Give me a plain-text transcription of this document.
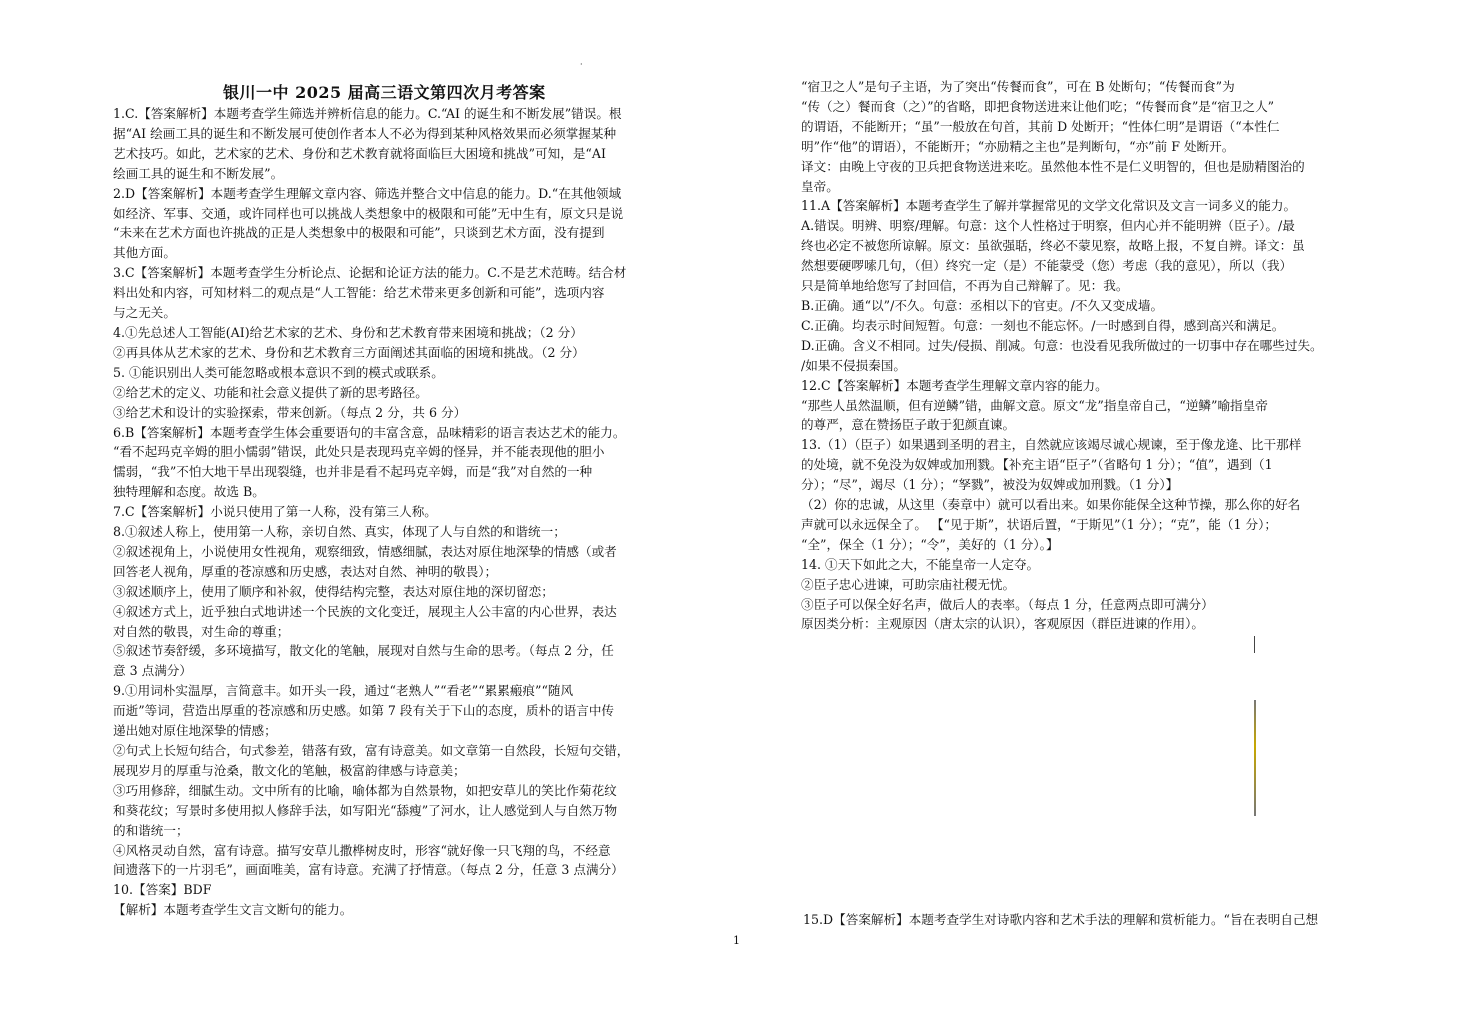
·
银川一中 2025 届高三语文第四次月考答案

1.C.【答案解析】本题考查学生筛选并辨析信息的能力。C.“AI 的诞生和不断发展”错误。根

据“AI 绘画工具的诞生和不断发展可使创作者本人不必为得到某种风格效果而必须掌握某种

艺术技巧。如此，艺术家的艺术、身份和艺术教育就将面临巨大困境和挑战”可知，是“AI

绘画工具的诞生和不断发展”。

2.D【答案解析】本题考查学生理解文章内容、筛选并整合文中信息的能力。D.“在其他领域

如经济、军事、交通，或许同样也可以挑战人类想象中的极限和可能”无中生有，原文只是说

“未来在艺术方面也许挑战的正是人类想象中的极限和可能”，只谈到艺术方面，没有提到

其他方面。

3.C【答案解析】本题考查学生分析论点、论据和论证方法的能力。C.不是艺术范畴。结合材

料出处和内容，可知材料二的观点是“人工智能：给艺术带来更多创新和可能”，选项内容

与之无关。

4.①先总述人工智能(AI)给艺术家的艺术、身份和艺术教育带来困境和挑战；（2 分）

②再具体从艺术家的艺术、身份和艺术教育三方面阐述其面临的困境和挑战。（2 分）

5. ①能识别出人类可能忽略或根本意识不到的模式或联系。

②给艺术的定义、功能和社会意义提供了新的思考路径。

③给艺术和设计的实验探索，带来创新。（每点 2 分，共 6 分）

6.B【答案解析】本题考查学生体会重要语句的丰富含意，品味精彩的语言表达艺术的能力。

“看不起玛克辛姆的胆小懦弱”错误，此处只是表现玛克辛姆的怪异，并不能表现他的胆小

懦弱，“我”不怕大地干旱出现裂缝，也并非是看不起玛克辛姆，而是“我”对自然的一种

独特理解和态度。故选 B。

7.C【答案解析】小说只使用了第一人称，没有第三人称。

8.①叙述人称上，使用第一人称，亲切自然、真实，体现了人与自然的和谐统一；

②叙述视角上，小说使用女性视角，观察细致，情感细腻，表达对原住地深挚的情感（或者

回答老人视角，厚重的苍凉感和历史感，表达对自然、神明的敬畏）；

③叙述顺序上，使用了顺序和补叙，使得结构完整，表达对原住地的深切留恋；

④叙述方式上，近乎独白式地讲述一个民族的文化变迁，展现主人公丰富的内心世界，表达

对自然的敬畏，对生命的尊重；

⑤叙述节奏舒缓，多环境描写，散文化的笔触，展现对自然与生命的思考。（每点 2 分，任

意 3 点满分）

9.①用词朴实温厚，言简意丰。如开头一段，通过“老熟人”“看老”“累累瘢痕”“随风

而逝”等词，营造出厚重的苍凉感和历史感。如第 7 段有关于下山的态度，质朴的语言中传

递出她对原住地深挚的情感；

②句式上长短句结合，句式参差，错落有致，富有诗意美。如文章第一自然段，长短句交错，

展现岁月的厚重与沧桑，散文化的笔触，极富韵律感与诗意美；

③巧用修辞，细腻生动。文中所有的比喻，喻体都为自然景物，如把安草儿的笑比作菊花纹

和葵花纹；写景时多使用拟人修辞手法，如写阳光“舔瘦”了河水，让人感觉到人与自然万物

的和谐统一；

④风格灵动自然，富有诗意。描写安草儿撒桦树皮时，形容“就好像一只飞翔的鸟，不经意

间遗落下的一片羽毛”，画面唯美，富有诗意。充满了抒情意。（每点 2 分，任意 3 点满分）

10.【答案】BDF

【解析】本题考查学生文言文断句的能力。

“宿卫之人”是句子主语，为了突出“传餐而食”，可在 B 处断句；“传餐而食”为

“传（之）餐而食（之）”的省略，即把食物送进来让他们吃；“传餐而食”是“宿卫之人”

的谓语，不能断开；“虽”一般放在句首，其前 D 处断开；“性体仁明”是谓语（“本性仁

明”作“他”的谓语），不能断开；“亦励精之主也”是判断句，“亦”前 F 处断开。

译文：由晚上守夜的卫兵把食物送进来吃。虽然他本性不是仁义明智的，但也是励精图治的

皇帝。

11.A【答案解析】本题考查学生了解并掌握常见的文学文化常识及文言一词多义的能力。

A.错误。明辨、明察/理解。句意：这个人性格过于明察，但内心并不能明辨（臣子）。/最

终也必定不被您所谅解。原文：虽欲强聒，终必不蒙见察，故略上报，不复自辨。译文：虽

然想要硬啰嗦几句，（但）终究一定（是）不能蒙受（您）考虑（我的意见），所以（我）

只是简单地给您写了封回信，不再为自己辩解了。见：我。

B.正确。通“以”/不久。句意：丞相以下的官吏。/不久又变成墙。

C.正确。均表示时间短暂。句意：一刻也不能忘怀。/一时感到自得，感到高兴和满足。

D.正确。含义不相同。过失/侵损、削减。句意：也没看见我所做过的一切事中存在哪些过失。

/如果不侵损秦国。

12.C【答案解析】本题考查学生理解文章内容的能力。

“那些人虽然温顺，但有逆鳞”错，曲解文意。原文“龙”指皇帝自己，“逆鳞”喻指皇帝

的尊严，意在赞扬臣子敢于犯颜直谏。

13.（1）（臣子）如果遇到圣明的君主，自然就应该竭尽诚心规谏，至于像龙逄、比干那样

的处境，就不免没为奴婢或加刑戮。【补充主语“臣子”（省略句 1 分）；“值”，遇到（1

分）；“尽”，竭尽（1 分）；“孥戮”，被没为奴婢或加刑戮。（1 分）】

（2）你的忠诚，从这里（奏章中）就可以看出来。如果你能保全这种节操，那么你的好名

声就可以永远保全了。 【“见于斯”，状语后置，“于斯见”（1 分）；“克”，能（1 分）；

“全”，保全（1 分）；“令”，美好的（1 分）。】

14. ①天下如此之大，不能皇帝一人定夺。

②臣子忠心进谏，可助宗庙社稷无忧。

③臣子可以保全好名声，做后人的表率。（每点 1 分，任意两点即可满分）

原因类分析：主观原因（唐太宗的认识），客观原因（群臣进谏的作用）。

15.D【答案解析】本题考查学生对诗歌内容和艺术手法的理解和赏析能力。“旨在表明自己想
1
